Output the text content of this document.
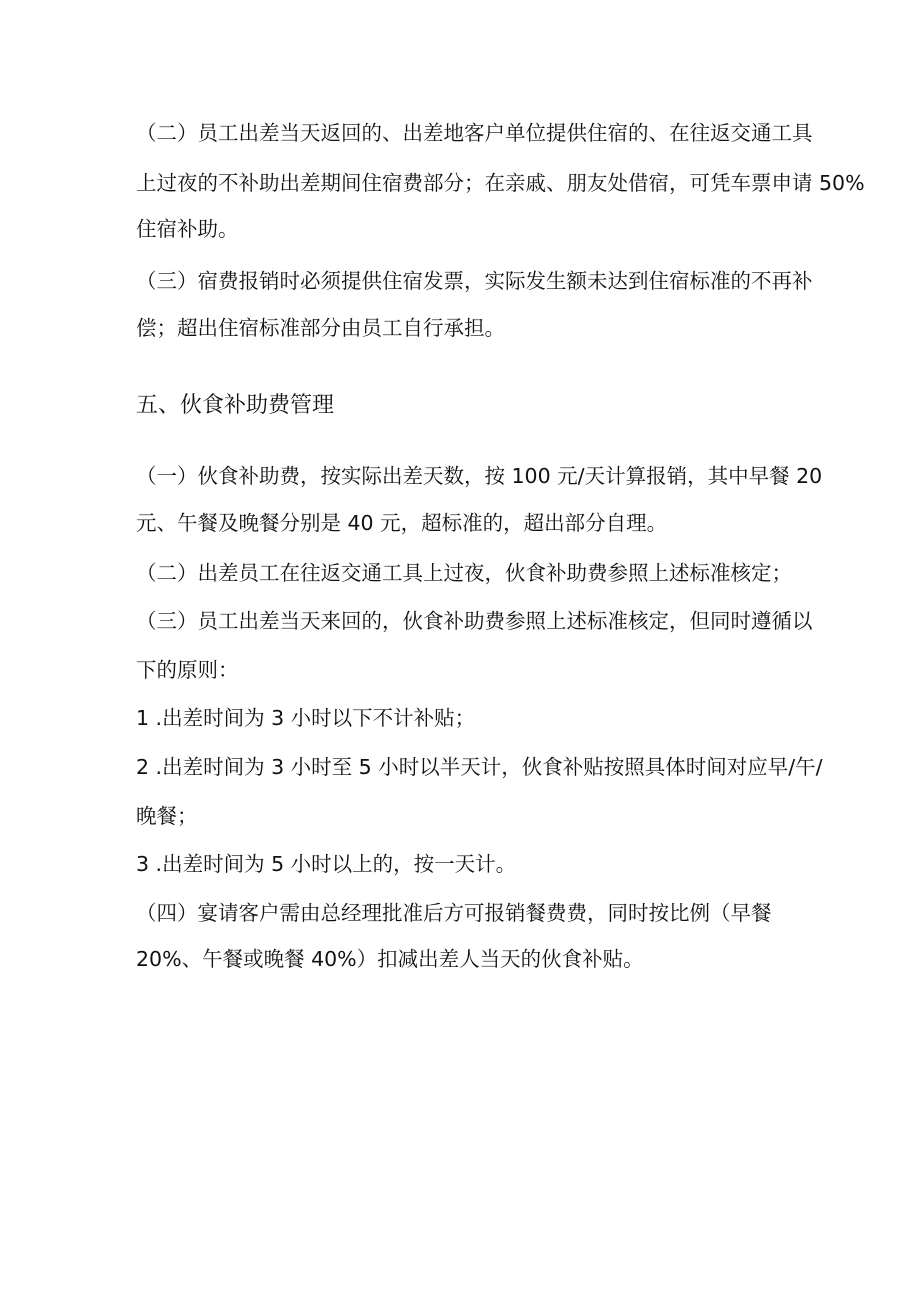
（二）员工出差当天返回的、出差地客户单位提供住宿的、在往返交通工具
上过夜的不补助出差期间住宿费部分；在亲戚、朋友处借宿，可凭车票申请 50%
住宿补助。
（三）宿费报销时必须提供住宿发票，实际发生额未达到住宿标准的不再补
偿；超出住宿标准部分由员工自行承担。
五、伙食补助费管理
（一）伙食补助费，按实际出差天数，按 100 元/天计算报销，其中早餐 20
元、午餐及晚餐分别是 40 元，超标准的，超出部分自理。
（二）出差员工在往返交通工具上过夜，伙食补助费参照上述标准核定；
（三）员工出差当天来回的，伙食补助费参照上述标准核定，但同时遵循以
下的原则：
1 .出差时间为 3 小时以下不计补贴；
2 .出差时间为 3 小时至 5 小时以半天计，伙食补贴按照具体时间对应早/午/
晚餐；
3 .出差时间为 5 小时以上的，按一天计。
（四）宴请客户需由总经理批准后方可报销餐费费，同时按比例（早餐
20%、午餐或晚餐 40%）扣减出差人当天的伙食补贴。
